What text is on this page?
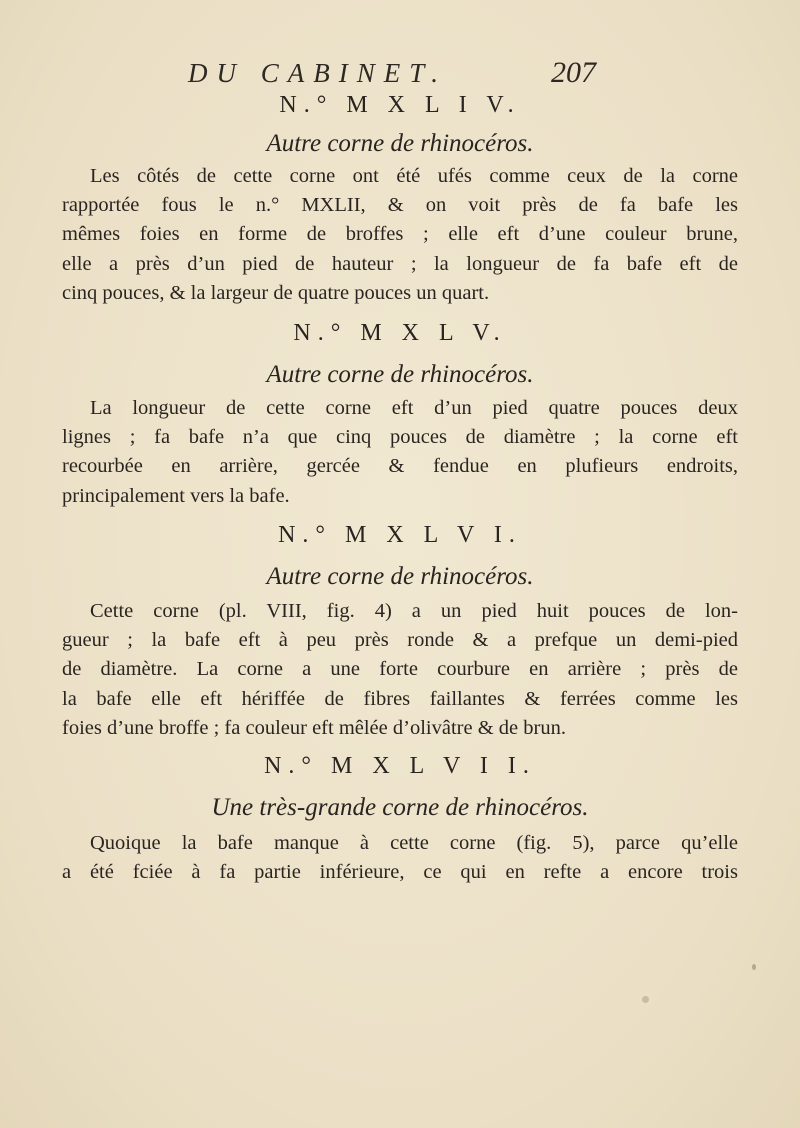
DU CABINET.	207
N.° M X L I V.
Autre corne de rhinocéros.

Les côtés de cette corne ont été ufés comme ceux de la corne
rapportée fous le n.° MXLII, & on voit près de fa bafe les
mêmes foies en forme de broffes ; elle eft d’une couleur brune,
elle a près d’un pied de hauteur ; la longueur de fa bafe eft de
cinq pouces, & la largeur de quatre pouces un quart.

N.° M X L V.
Autre corne de rhinocéros.

La longueur de cette corne eft d’un pied quatre pouces deux
lignes ; fa bafe n’a que cinq pouces de diamètre ; la corne eft
recourbée en arrière, gercée & fendue en plufieurs endroits,
principalement vers la bafe.

N.° M X L V I.
Autre corne de rhinocéros.

Cette corne (pl. VIII, fig. 4) a un pied huit pouces de lon-
gueur ; la bafe eft à peu près ronde & a prefque un demi-pied
de diamètre. La corne a une forte courbure en arrière ; près de
la bafe elle eft hériffée de fibres faillantes & ferrées comme les
foies d’une broffe ; fa couleur eft mêlée d’olivâtre & de brun.

N.° M X L V I I.
Une très-grande corne de rhinocéros.

Quoique la bafe manque à cette corne (fig. 5), parce qu’elle
a été fciée à fa partie inférieure, ce qui en refte a encore trois
